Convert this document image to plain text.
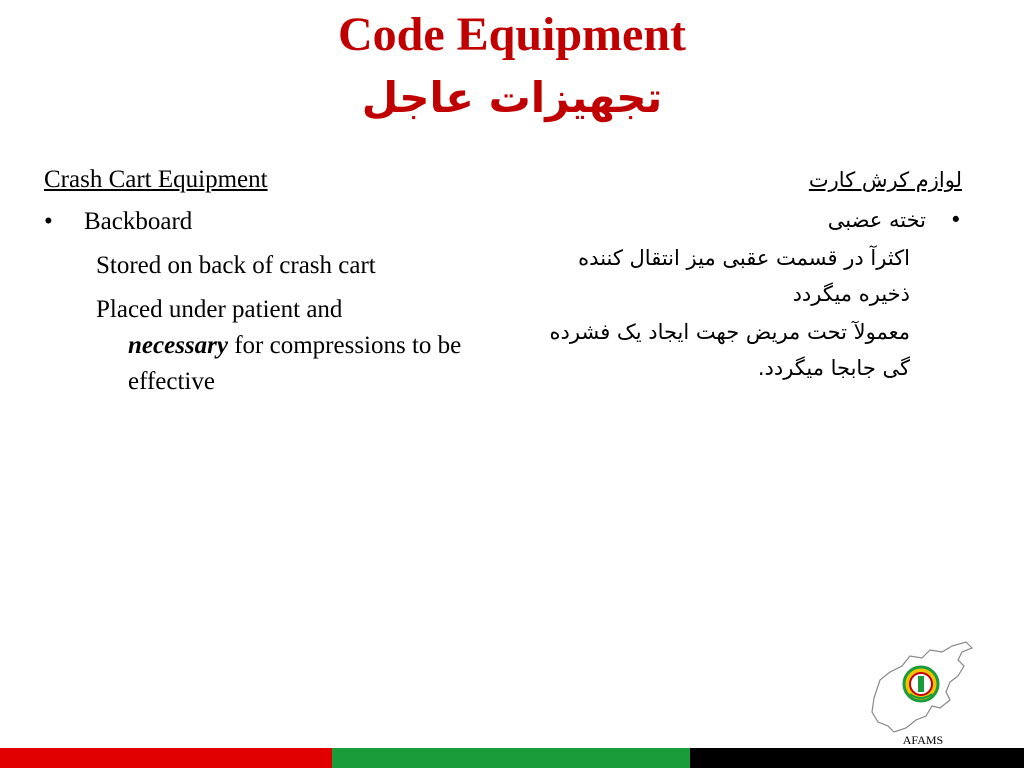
Code Equipment
تجهیزات عاجل
Crash Cart Equipment
• Backboard
Stored on back of crash cart
Placed under patient and
necessary for compressions to be effective
لوازم کرش کارت
•
تخته عضبی
اکثرآ در قسمت عقبی میز انتقال کننده ذخیره میگردد
معمولآ تحت مریض جهت ایجاد یک فشرده گی جابجا میگردد.
AFAMS
